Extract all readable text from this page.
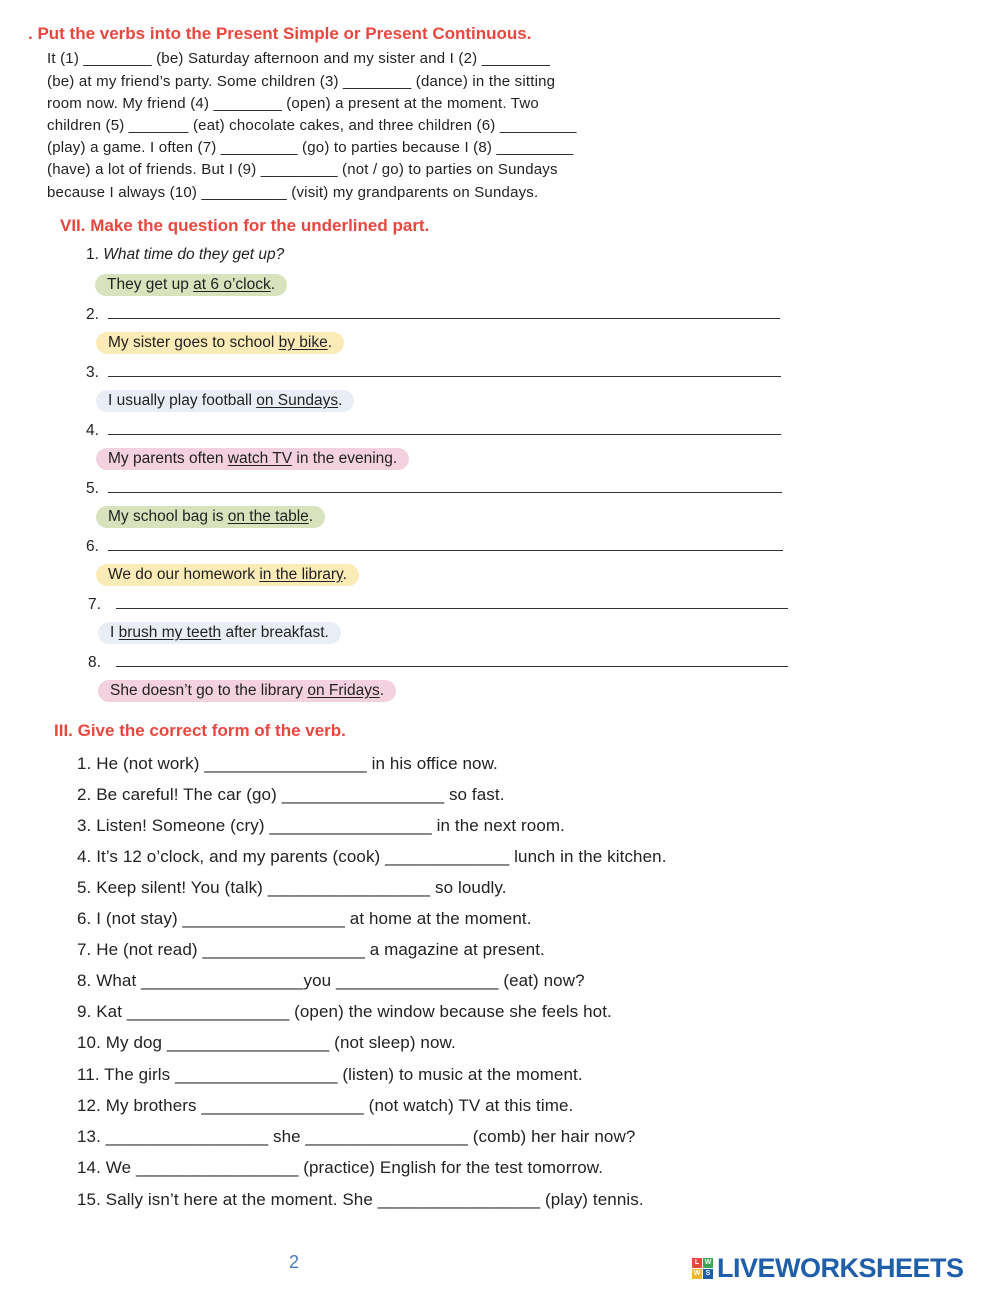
. Put the verbs into the Present Simple or Present Continuous.
It (1) ________ (be) Saturday afternoon and my sister and I (2) ________
(be) at my friend’s party. Some children (3) ________ (dance) in the sitting
room now. My friend (4) ________ (open) a present at the moment. Two
children (5) _______ (eat) chocolate cakes, and three children (6) _________
(play) a game. I often (7) _________ (go) to parties because I (8) _________
(have) a lot of friends. But I (9) _________ (not / go) to parties on Sundays
because I always (10) __________ (visit) my grandparents on Sundays.
VII. Make the question for the underlined part.
1. What time do they get up?
They get up at 6 o’clock.
2.
My sister goes to school by bike.
3.
I usually play football on Sundays.
4.
My parents often watch TV in the evening.
5.
My school bag is on the table.
6.
We do our homework in the library.
7.
I brush my teeth after breakfast.
8.
She doesn’t go to the library on Fridays.
III. Give the correct form of the verb.
1. He (not work) _________________ in his office now.
2. Be careful! The car (go) _________________ so fast.
3. Listen! Someone (cry) _________________ in the next room.
4. It’s 12 o’clock, and my parents (cook) _____________ lunch in the kitchen.
5. Keep silent! You (talk) _________________ so loudly.
6. I (not stay) _________________ at home at the moment.
7. He (not read) _________________ a magazine at present.
8. What _________________you _________________ (eat) now?
9. Kat _________________ (open) the window because she feels hot.
10. My dog _________________ (not sleep) now.
11. The girls _________________ (listen) to music at the moment.
12. My brothers _________________ (not watch) TV at this time.
13. _________________ she _________________ (comb) her hair now?
14. We _________________ (practice) English for the test tomorrow.
15. Sally isn’t here at the moment. She _________________ (play) tennis.
2	L W
W S LIVEWORKSHEETS
